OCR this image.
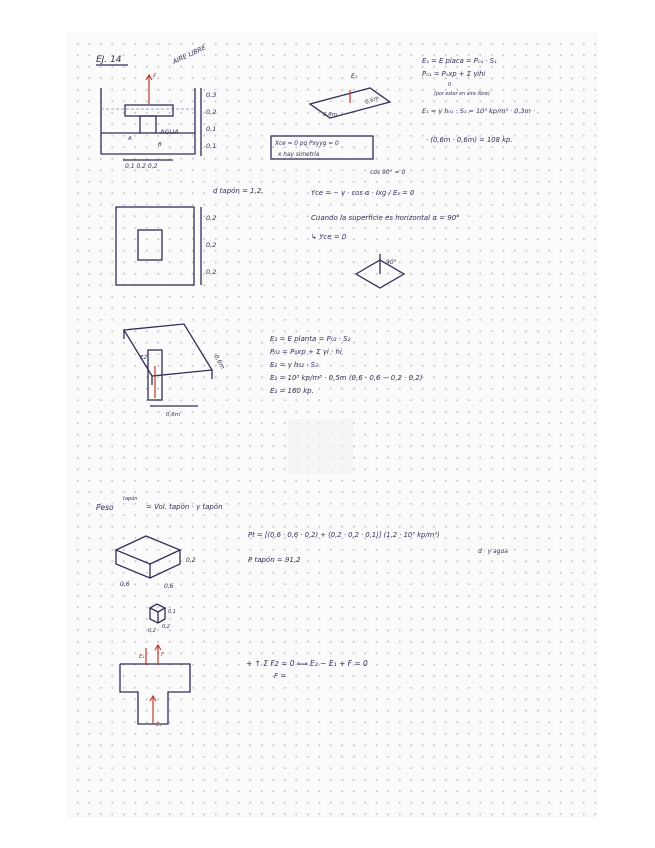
EJ. 14	AIRE LIBRE
F
AGUA
A
B
0,3
0,2
0,1
0,1
0,1 0,2 0,2
E₁
0,6m
0,6m
Xce = 0 pq Pxyyg = 0
x hay simetría
E₁ = E placa = P₀₁ · S₁
P₀₁ = P₀xp + Σ γihi
0
(por estar en aire libre)
E₁ = γ h₀₁ · S₁ = 10³ kp/m³ · 0,3m ·
· (0,6m · 0,6m) = 108 kp.
d tapón = 1,2.
cos 90° = 0
Yce = − γ · cos α · Ixg / E₁ = 0
Cuando la superficie es horizontal α = 90°
↳ Yce = 0
90°
0,2
0,2
0,2
E2	0,6m
0,6m
E₂ = E planta = P₀₂ · S₂
P₀₂ = P₀xp + Σ γi · hi
E₂ = γ h₀₂ · S₂
E₂ = 10³ kp/m³ · 0,5m (0,6 · 0,6 − 0,2 · 0,2)
E₂ = 160 kp.
Peso
tapón
= Vol. tapón · γ tapón
Pt = [(0,6 · 0,6 · 0,2) + (0,2 · 0,2 · 0,1)] (1,2 · 10³ kp/m³)
d · γ agua
P tapón = 91,2
0,2
0,6	0,6
0,1
0,2
0,2
E₁	F
E₂
+ ↑ Σ Fz = 0 ⟺ E₂ − E₁ + F = 0
F =
